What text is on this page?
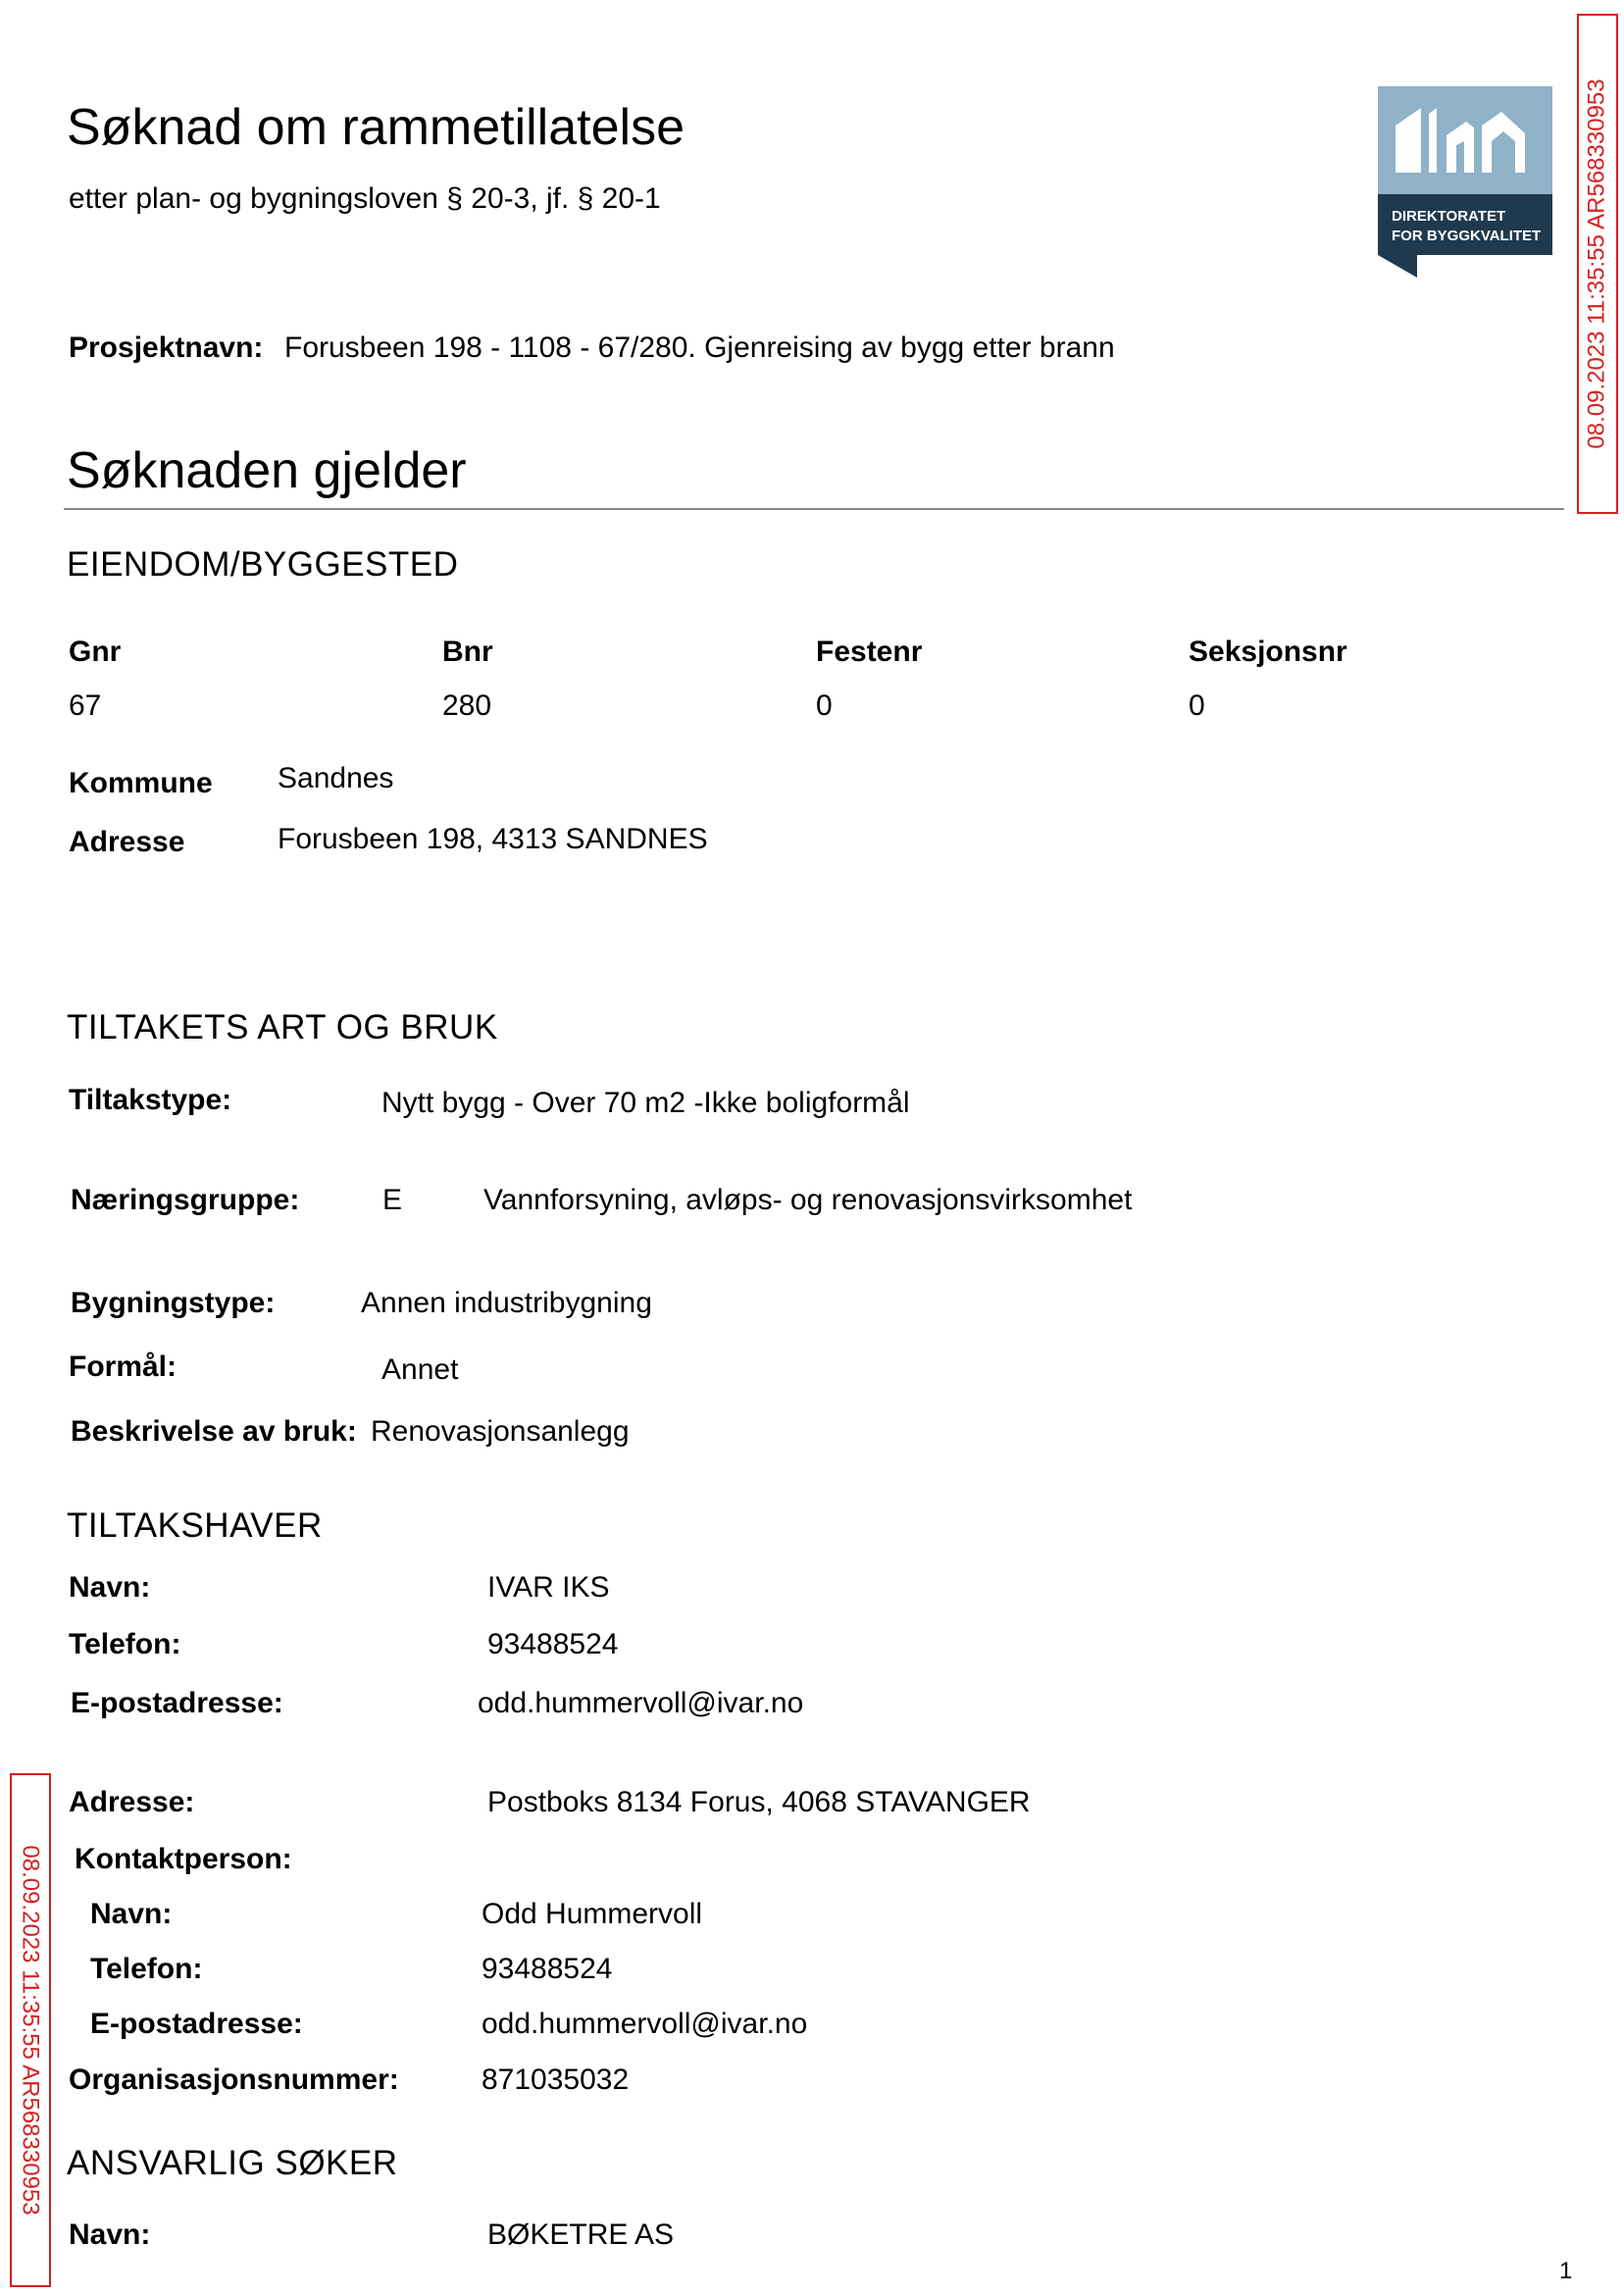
Søknad om rammetillatelse
etter plan- og bygningsloven § 20-3, jf. § 20-1
DIREKTORATET
FOR BYGGKVALITET
Prosjektnavn: Forusbeen 198 - 1108 - 67/280. Gjenreising av bygg etter brann
Søknaden gjelder
EIENDOM/BYGGESTED
Gnr	Bnr	Festenr	Seksjonsnr
67	280	0	0
Kommune Sandnes
Adresse	Forusbeen 198, 4313 SANDNES
TILTAKETS ART OG BRUK
Tiltakstype:	Nytt bygg - Over 70 m2 -Ikke boligformål
Næringsgruppe:	E	Vannforsyning, avløps- og renovasjonsvirksomhet
Bygningstype:	Annen industribygning
Formål:	Annet
Beskrivelse av bruk: Renovasjonsanlegg
TILTAKSHAVER
Navn:	IVAR IKS
Telefon:	93488524
E-postadresse:	odd.hummervoll@ivar.no
Adresse:	Postboks 8134 Forus, 4068 STAVANGER
Kontaktperson:
Navn:	Odd Hummervoll
Telefon:	93488524
E-postadresse:	odd.hummervoll@ivar.no
Organisasjonsnummer:	871035032
ANSVARLIG SØKER
Navn:	BØKETRE AS
1
08.09.2023 11:35:55 AR568330953
08.09.2023 11:35:55 AR568330953
